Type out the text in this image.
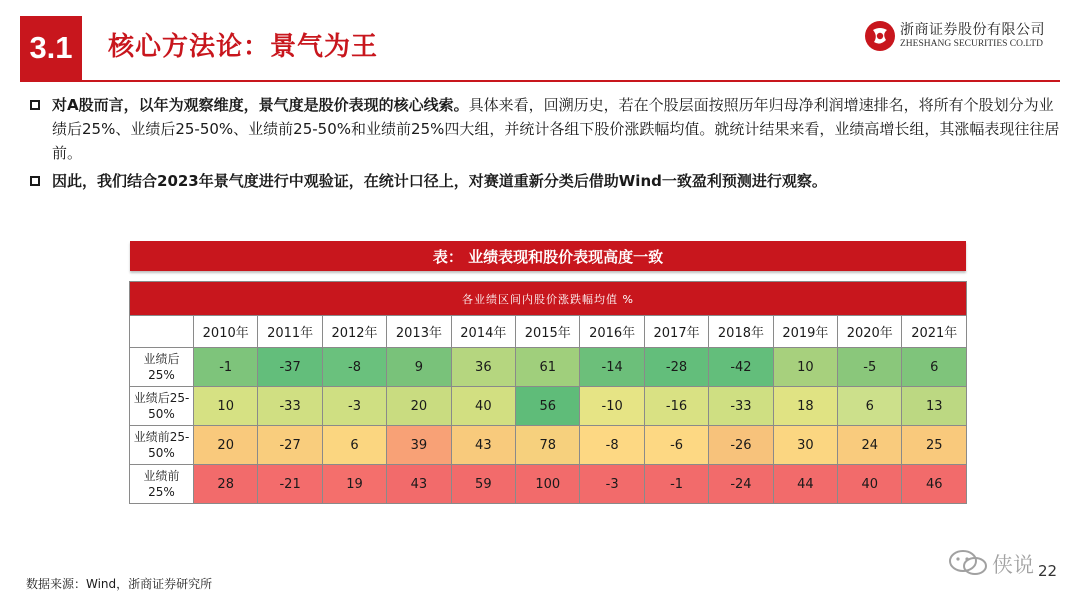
3.1	核心方法论：景气为王
浙商证券股份有限公司
ZHESHANG SECURITIES CO.LTD
对A股而言，以年为观察维度，景气度是股价表现的核心线索。具体来看，回溯历史，若在个股层面按照历年归母净利润增速排名，将所有个股划分为业绩后25%、业绩后25-50%、业绩前25-50%和业绩前25%四大组，并统计各组下股价涨跌幅均值。就统计结果来看，业绩高增长组，其涨幅表现往往居前。
因此，我们结合2023年景气度进行中观验证，在统计口径上，对赛道重新分类后借助Wind一致盈利预测进行观察。
表： 业绩表现和股价表现高度一致
各业绩区间内股价涨跌幅均值 %												
	2010年	2011年	2012年	2013年	2014年	2015年	2016年	2017年	2018年	2019年	2020年	2021年

业绩后
25%	-1	-37	-8	9	36	61	-14	-28	-42	10	-5	6

业绩后25-
50%	10	-33	-3	20	40	56	-10	-16	-33	18	6	13

业绩前25-
50%	20	-27	6	39	43	78	-8	-6	-26	30	24	25

业绩前
25%	28	-21	19	43	59	100	-3	-1	-24	44	40	46
数据来源：Wind，浙商证券研究所
侠说 22
